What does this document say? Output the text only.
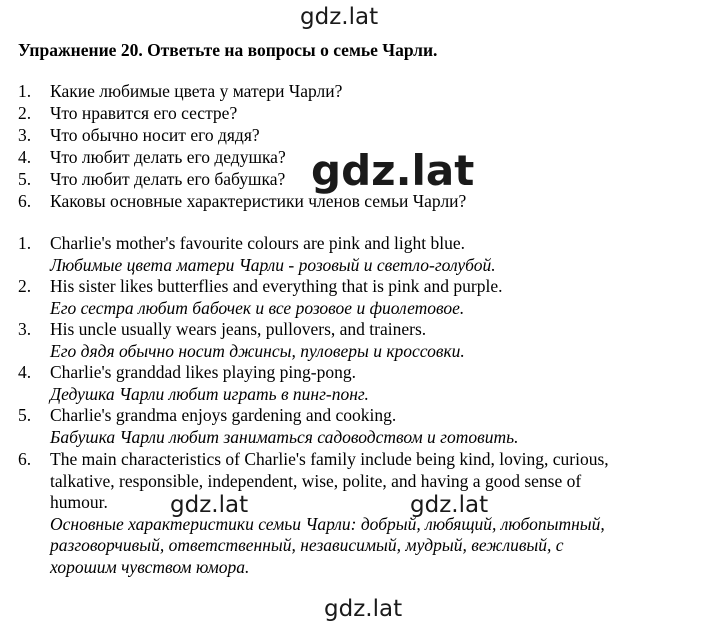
gdz.lat
Упражнение 20. Ответьте на вопросы о семье Чарли.
1. Какие любимые цвета у матери Чарли?
2. Что нравится его сестре?
3. Что обычно носит его дядя?
4. Что любит делать его дедушка?
5. Что любит делать его бабушка?
6. Каковы основные характеристики членов семьи Чарли?
1. Charlie's mother's favourite colours are pink and light blue.
Любимые цвета матери Чарли - розовый и светло-голубой.
2. His sister likes butterflies and everything that is pink and purple.
Его сестра любит бабочек и все розовое и фиолетовое.
3. His uncle usually wears jeans, pullovers, and trainers.
Его дядя обычно носит джинсы, пуловеры и кроссовки.
4. Charlie's granddad likes playing ping-pong.
Дедушка Чарли любит играть в пинг-понг.
5. Charlie's grandma enjoys gardening and cooking.
Бабушка Чарли любит заниматься садоводством и готовить.
6. The main characteristics of Charlie's family include being kind, loving, curious,
talkative, responsible, independent, wise, polite, and having a good sense of
humour.
Основные характеристики семьи Чарли: добрый, любящий, любопытный,
разговорчивый, ответственный, независимый, мудрый, вежливый, с
хорошим чувством юмора.
gdz.lat
gdz.lat	gdz.lat
gdz.lat
